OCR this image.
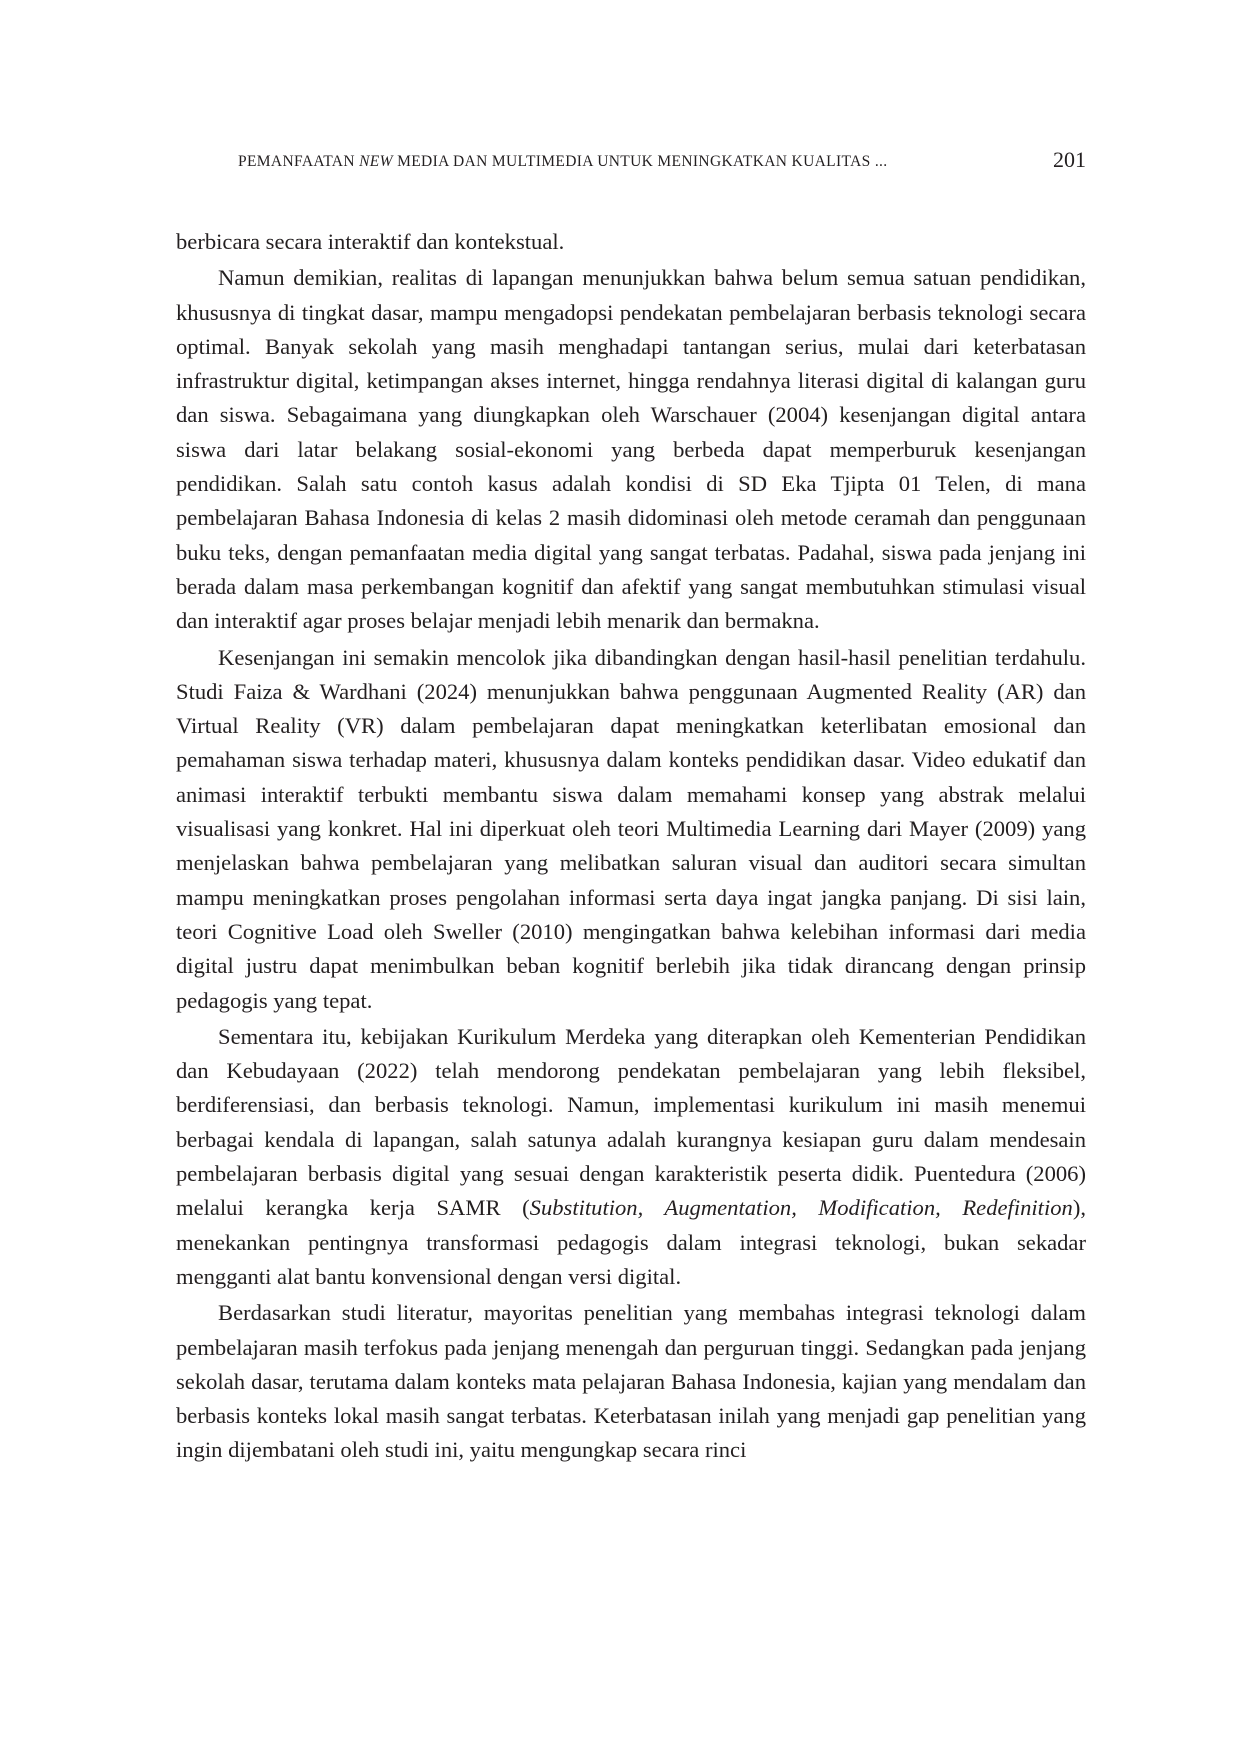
PEMANFAATAN NEW MEDIA DAN MULTIMEDIA UNTUK MENINGKATKAN KUALITAS ...	201

berbicara secara interaktif dan kontekstual.

Namun demikian, realitas di lapangan menunjukkan bahwa belum semua satuan pendidikan, khususnya di tingkat dasar, mampu mengadopsi pendekatan pembelajaran berbasis teknologi secara optimal. Banyak sekolah yang masih menghadapi tantangan serius, mulai dari keterbatasan infrastruktur digital, ketimpangan akses internet, hingga rendahnya literasi digital di kalangan guru dan siswa. Sebagaimana yang diungkapkan oleh Warschauer (2004) kesenjangan digital antara siswa dari latar belakang sosial-ekonomi yang berbeda dapat memperburuk kesenjangan pendidikan. Salah satu contoh kasus adalah kondisi di SD Eka Tjipta 01 Telen, di mana pembelajaran Bahasa Indonesia di kelas 2 masih didominasi oleh metode ceramah dan penggunaan buku teks, dengan pemanfaatan media digital yang sangat terbatas. Padahal, siswa pada jenjang ini berada dalam masa perkembangan kognitif dan afektif yang sangat membutuhkan stimulasi visual dan interaktif agar proses belajar menjadi lebih menarik dan bermakna.

Kesenjangan ini semakin mencolok jika dibandingkan dengan hasil-hasil penelitian terdahulu. Studi Faiza & Wardhani (2024) menunjukkan bahwa penggunaan Augmented Reality (AR) dan Virtual Reality (VR) dalam pembelajaran dapat meningkatkan keterlibatan emosional dan pemahaman siswa terhadap materi, khususnya dalam konteks pendidikan dasar. Video edukatif dan animasi interaktif terbukti membantu siswa dalam memahami konsep yang abstrak melalui visualisasi yang konkret. Hal ini diperkuat oleh teori Multimedia Learning dari Mayer (2009) yang menjelaskan bahwa pembelajaran yang melibatkan saluran visual dan auditori secara simultan mampu meningkatkan proses pengolahan informasi serta daya ingat jangka panjang. Di sisi lain, teori Cognitive Load oleh Sweller (2010) mengingatkan bahwa kelebihan informasi dari media digital justru dapat menimbulkan beban kognitif berlebih jika tidak dirancang dengan prinsip pedagogis yang tepat.

Sementara itu, kebijakan Kurikulum Merdeka yang diterapkan oleh Kementerian Pendidikan dan Kebudayaan (2022) telah mendorong pendekatan pembelajaran yang lebih fleksibel, berdiferensiasi, dan berbasis teknologi. Namun, implementasi kurikulum ini masih menemui berbagai kendala di lapangan, salah satunya adalah kurangnya kesiapan guru dalam mendesain pembelajaran berbasis digital yang sesuai dengan karakteristik peserta didik. Puentedura (2006) melalui kerangka kerja SAMR (Substitution, Augmentation, Modification, Redefinition), menekankan pentingnya transformasi pedagogis dalam integrasi teknologi, bukan sekadar mengganti alat bantu konvensional dengan versi digital.

Berdasarkan studi literatur, mayoritas penelitian yang membahas integrasi teknologi dalam pembelajaran masih terfokus pada jenjang menengah dan perguruan tinggi. Sedangkan pada jenjang sekolah dasar, terutama dalam konteks mata pelajaran Bahasa Indonesia, kajian yang mendalam dan berbasis konteks lokal masih sangat terbatas. Keterbatasan inilah yang menjadi gap penelitian yang ingin dijembatani oleh studi ini, yaitu mengungkap secara rinci
